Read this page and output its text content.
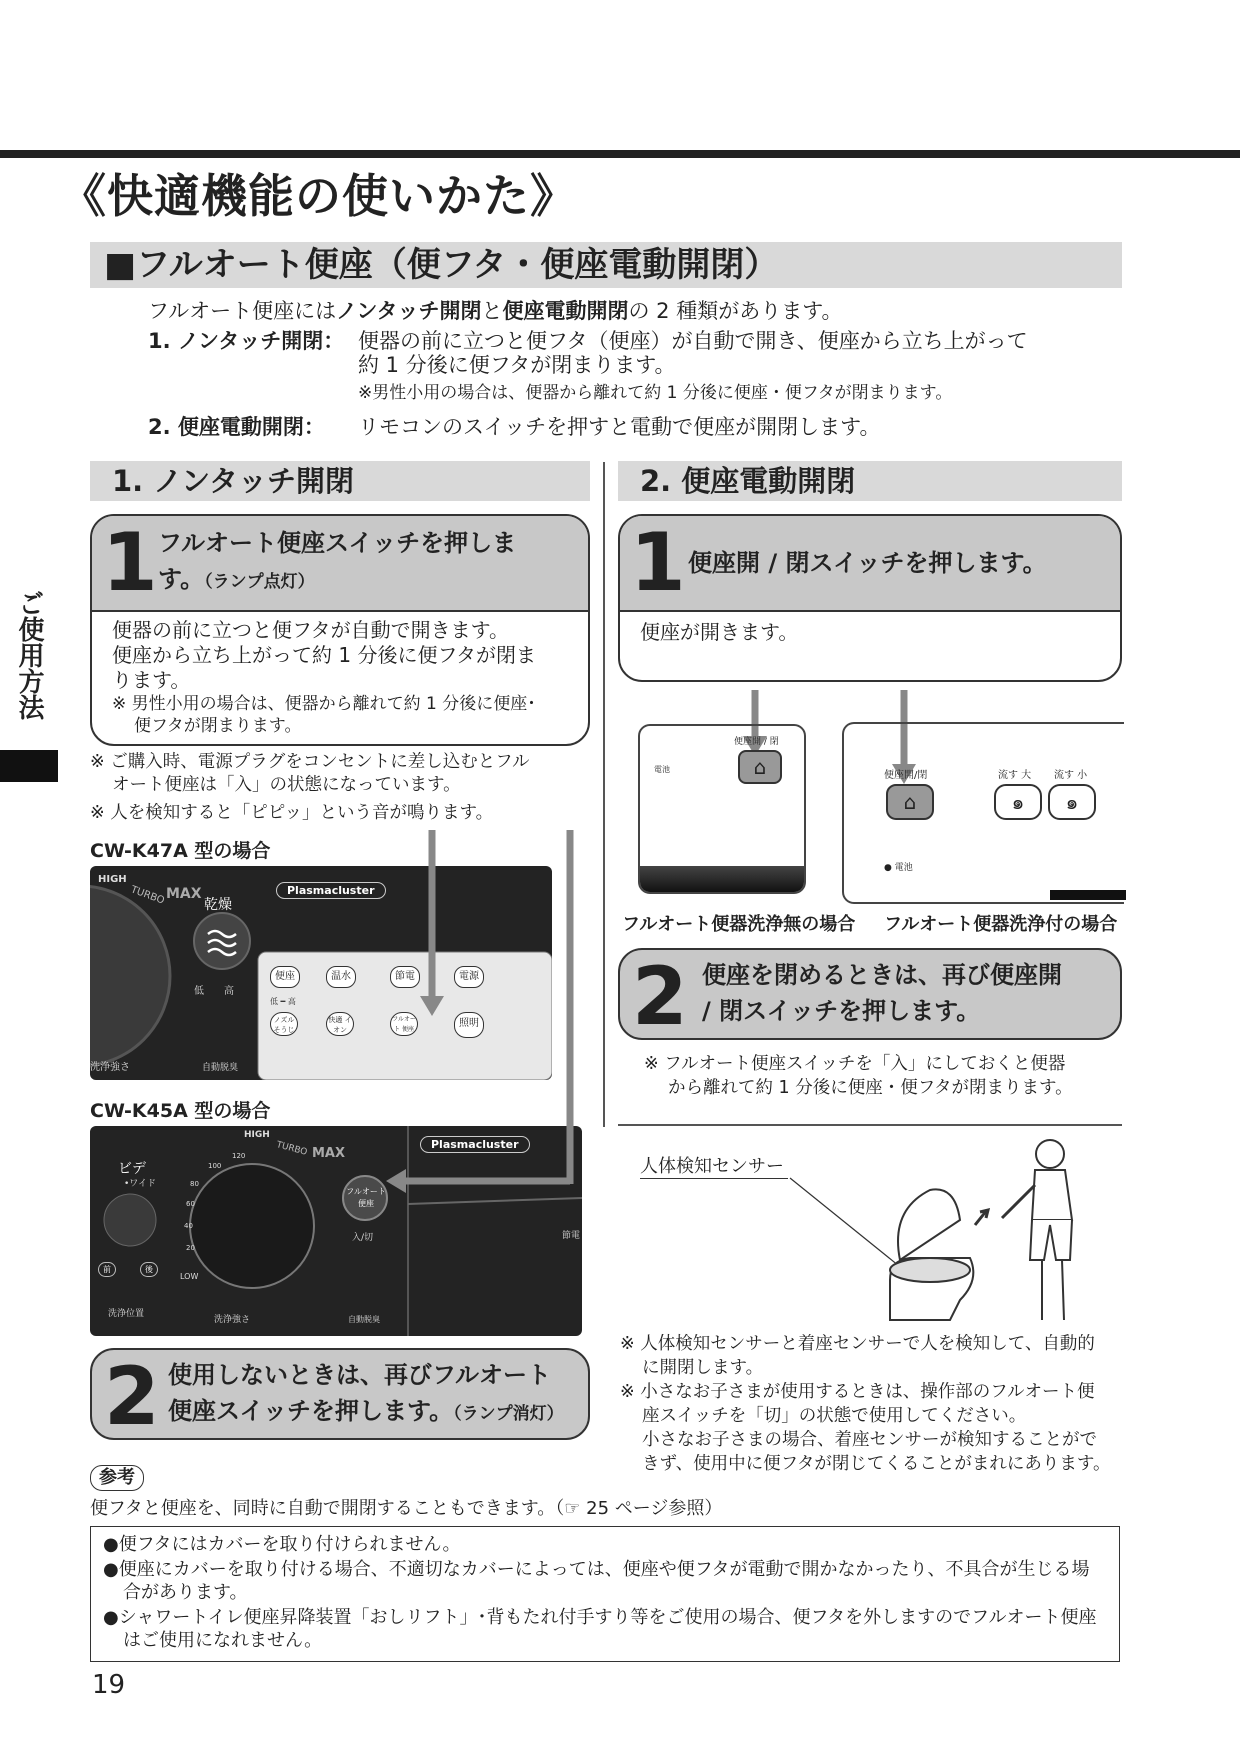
《快適機能の使いかた》
■フルオート便座（便フタ・便座電動開閉）
フルオート便座にはノンタッチ開閉と便座電動開閉の 2 種類があります。
1. ノンタッチ開閉： 便器の前に立つと便フタ（便座）が自動で開き、便座から立ち上がって
約 1 分後に便フタが閉まります。
※男性小用の場合は、便器から離れて約 1 分後に便座・便フタが閉まります。
2. 便座電動開閉： リモコンのスイッチを押すと電動で便座が開閉します。
ご使用方法
1. ノンタッチ開閉
1 フルオート便座スイッチを押しま
す。（ランプ点灯）
便器の前に立つと便フタが自動で開きます。
便座から立ち上がって約 1 分後に便フタが閉ま
ります。
※ 男性小用の場合は、便器から離れて約 1 分後に便座･
便フタが閉まります。
※ ご購入時、電源プラグをコンセントに差し込むとフル
オート便座は「入」の状態になっています。
※ 人を検知すると「ピピッ」という音が鳴ります。
CW-K47A 型の場合
HIGH
TURBO MAX
乾燥
Plasmacluster
低　　高
洗浄強さ	自動脱臭
便座	温水	節電	電源
低 ━ 高
ノズル そうじ
快適 イオン
フルオート 便座
照明
CW-K45A 型の場合
ビデ
•ワイド
HIGH
TURBO MAX
Plasmacluster
フルオート
便座
入/切	節電
LOW
前	後
洗浄位置
洗浄強さ	自動脱臭
100
120
80
60
40
20
2 使用しないときは、再びフルオート
便座スイッチを押します。（ランプ消灯）
2. 便座電動開閉
1 便座開 / 閉スイッチを押します。
便座が開きます。
便座開 / 閉
電池	⌂
フルオート便器洗浄無の場合
便座開/閉	流す 大 流す 小
⌂	๑	๑
● 電池
フルオート便器洗浄付の場合
2 便座を閉めるときは、再び便座開
/ 閉スイッチを押します。
※ フルオート便座スイッチを「入」にしておくと便器
から離れて約 1 分後に便座・便フタが閉まります。
人体検知センサー
※ 人体検知センサーと着座センサーで人を検知して、自動的
に開閉します。
※ 小さなお子さまが使用するときは、操作部のフルオート便
座スイッチを「切」の状態で使用してください。
小さなお子さまの場合、着座センサーが検知することがで
きず、使用中に便フタが閉じてくることがまれにあります。
参考
便フタと便座を、同時に自動で開閉することもできます。（☞ 25 ページ参照）
●便フタにはカバーを取り付けられません。
●便座にカバーを取り付ける場合、不適切なカバーによっては、便座や便フタが電動で開かなかったり、不具合が生じる場合があります。
●シャワートイレ便座昇降装置「おしリフト」･背もたれ付手すり等をご使用の場合、便フタを外しますのでフルオート便座はご使用になれません。
19
